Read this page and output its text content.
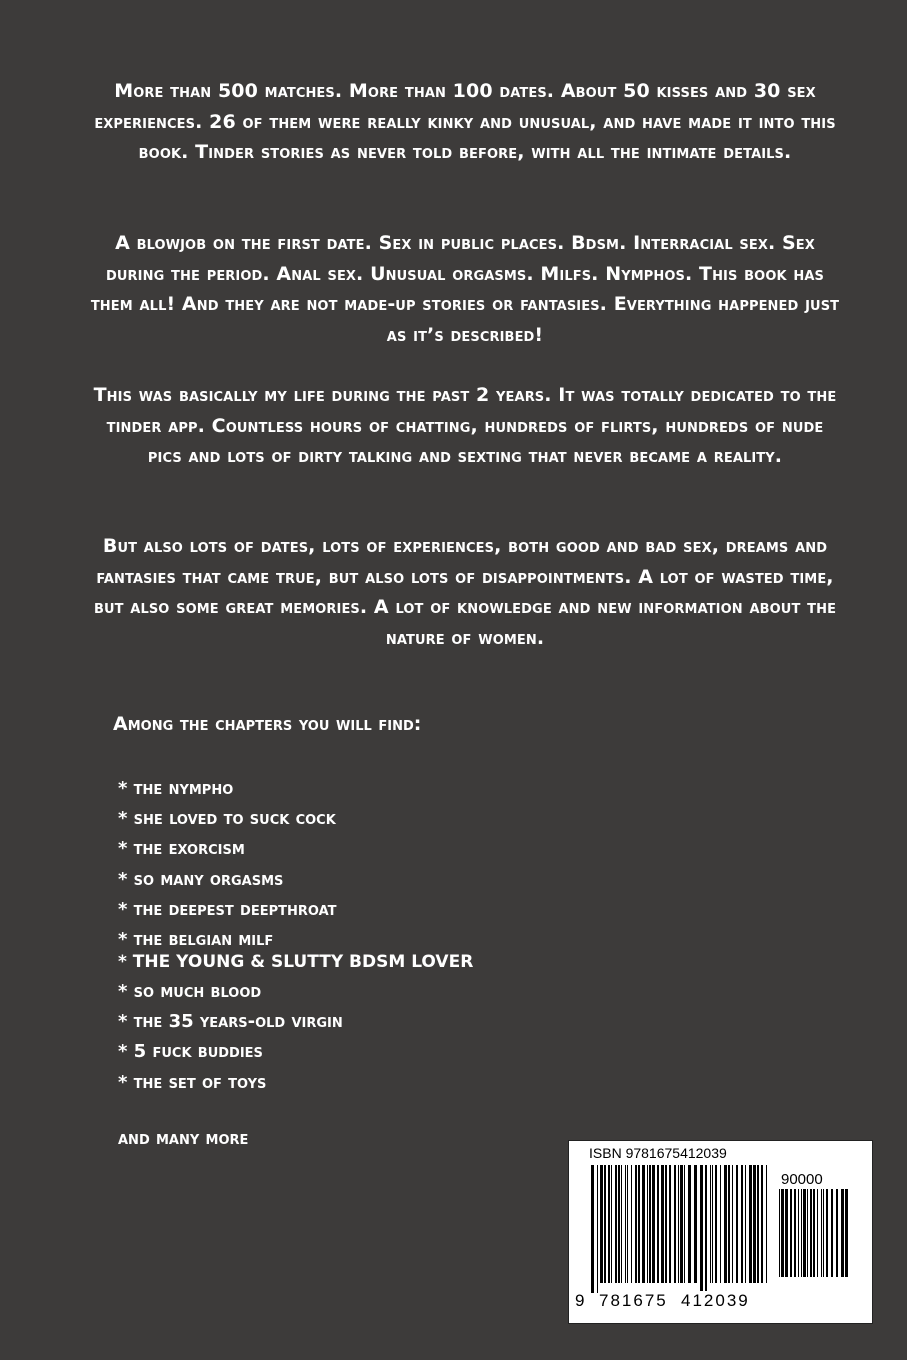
More than 500 matches. More than 100 dates. About 50 kisses and 30 sex experiences. 26 of them were really kinky and unusual, and have made it into this book. Tinder stories as never told before, with all the intimate details.

A blowjob on the first date. Sex in public places. Bdsm. Interracial sex. Sex during the period. Anal sex. Unusual orgasms. Milfs. Nymphos. This book has them all! And they are not made-up stories or fantasies. Everything happened just as it’s described!

This was basically my life during the past 2 years. It was totally dedicated to the tinder app. Countless hours of chatting, hundreds of flirts, hundreds of nude pics and lots of dirty talking and sexting that never became a reality.

But also lots of dates, lots of experiences, both good and bad sex, dreams and fantasies that came true, but also lots of disappointments. A lot of wasted time, but also some great memories. A lot of knowledge and new information about the nature of women.

Among the chapters you will find:

* the nympho
* she loved to suck cock
* the exorcism
* so many orgasms
* the deepest deepthroat
* the belgian milf
* THE YOUNG & SLUTTY BDSM LOVER
* so much blood
* the 35 years-old virgin
* 5 fuck buddies
* the set of toys

and many more

ISBN 9781675412039
90000
9 781675 412039
